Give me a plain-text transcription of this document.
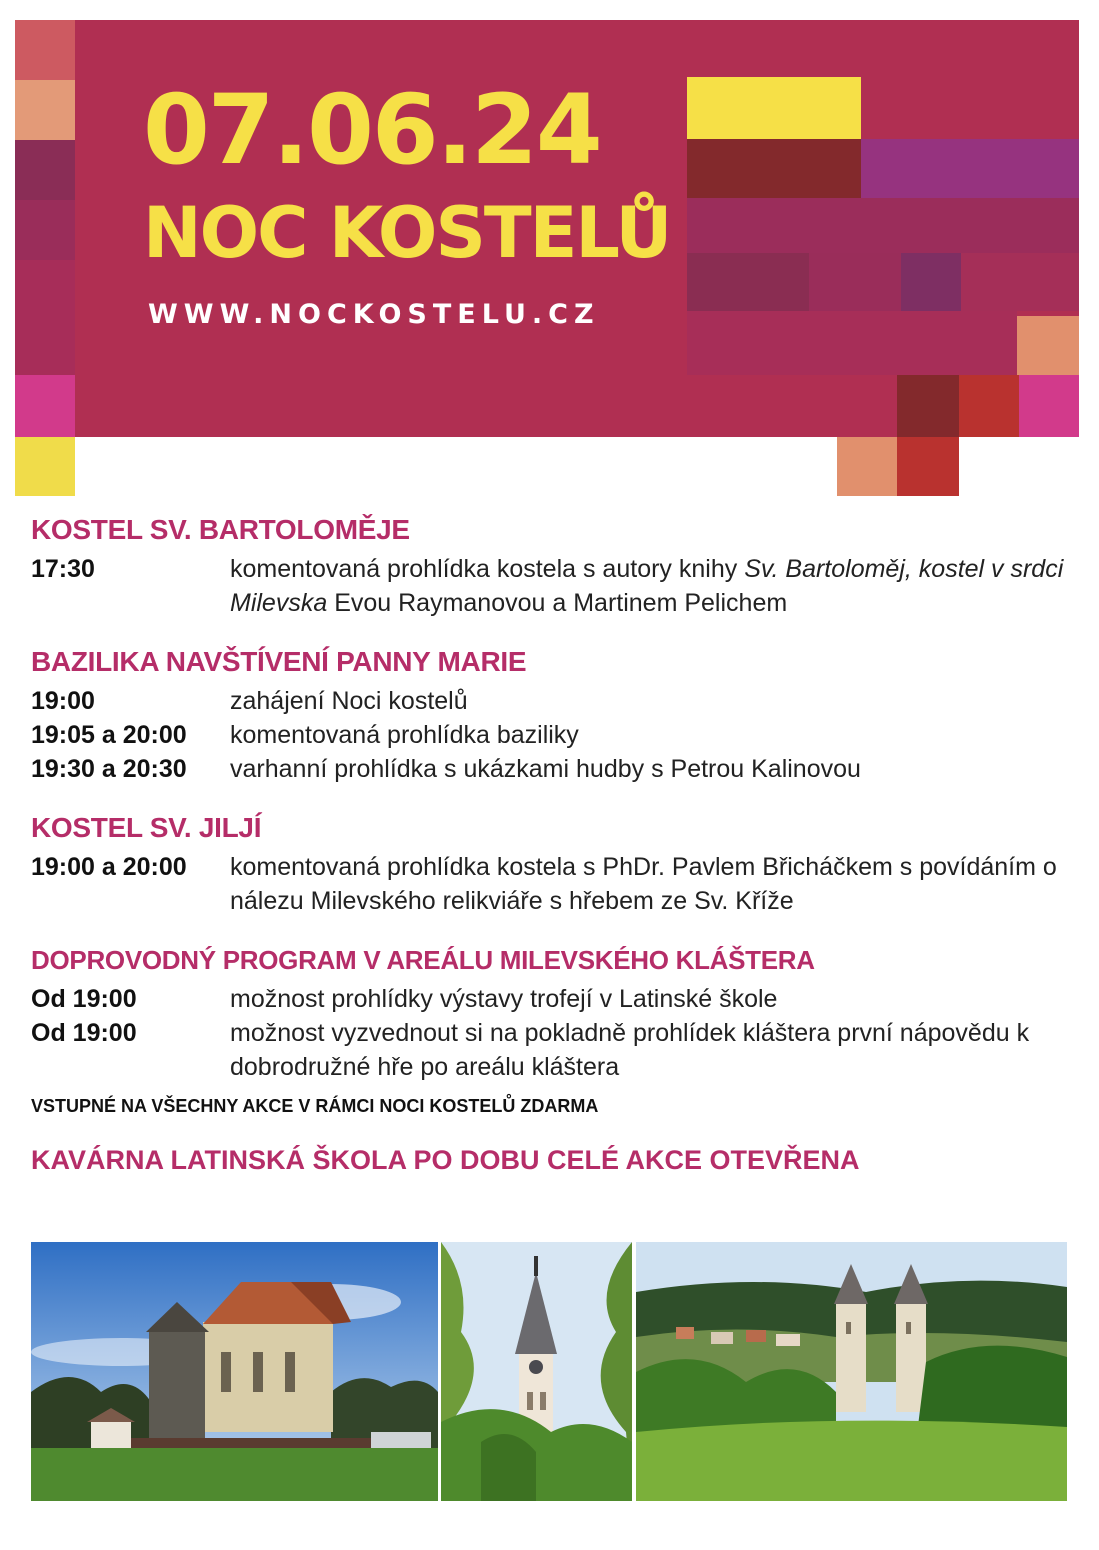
07.06.24
NOC KOSTELŮ
WWW.NOCKOSTELU.CZ
KOSTEL SV. BARTOLOMĚJE
17:30	komentovaná prohlídka kostela s autory knihy Sv. Bartoloměj, kostel v srdci Milevska Evou Raymanovou a Martinem Pelichem
BAZILIKA NAVŠTÍVENÍ PANNY MARIE
19:00	zahájení Noci kostelů
19:05 a 20:00	komentovaná prohlídka baziliky
19:30 a 20:30	varhanní prohlídka s ukázkami hudby s Petrou Kalinovou
KOSTEL SV. JILJÍ
19:00 a 20:00	komentovaná prohlídka kostela s PhDr. Pavlem Břicháčkem s povídáním o nálezu Milevského relikviáře s hřebem ze Sv. Kříže
DOPROVODNÝ PROGRAM V AREÁLU MILEVSKÉHO KLÁŠTERA
Od 19:00	možnost prohlídky výstavy trofejí v Latinské škole
Od 19:00	možnost vyzvednout si na pokladně prohlídek kláštera první nápovědu k dobrodružné hře po areálu kláštera
VSTUPNÉ NA VŠECHNY AKCE V RÁMCI NOCI KOSTELŮ ZDARMA
KAVÁRNA LATINSKÁ ŠKOLA PO DOBU CELÉ AKCE OTEVŘENA
